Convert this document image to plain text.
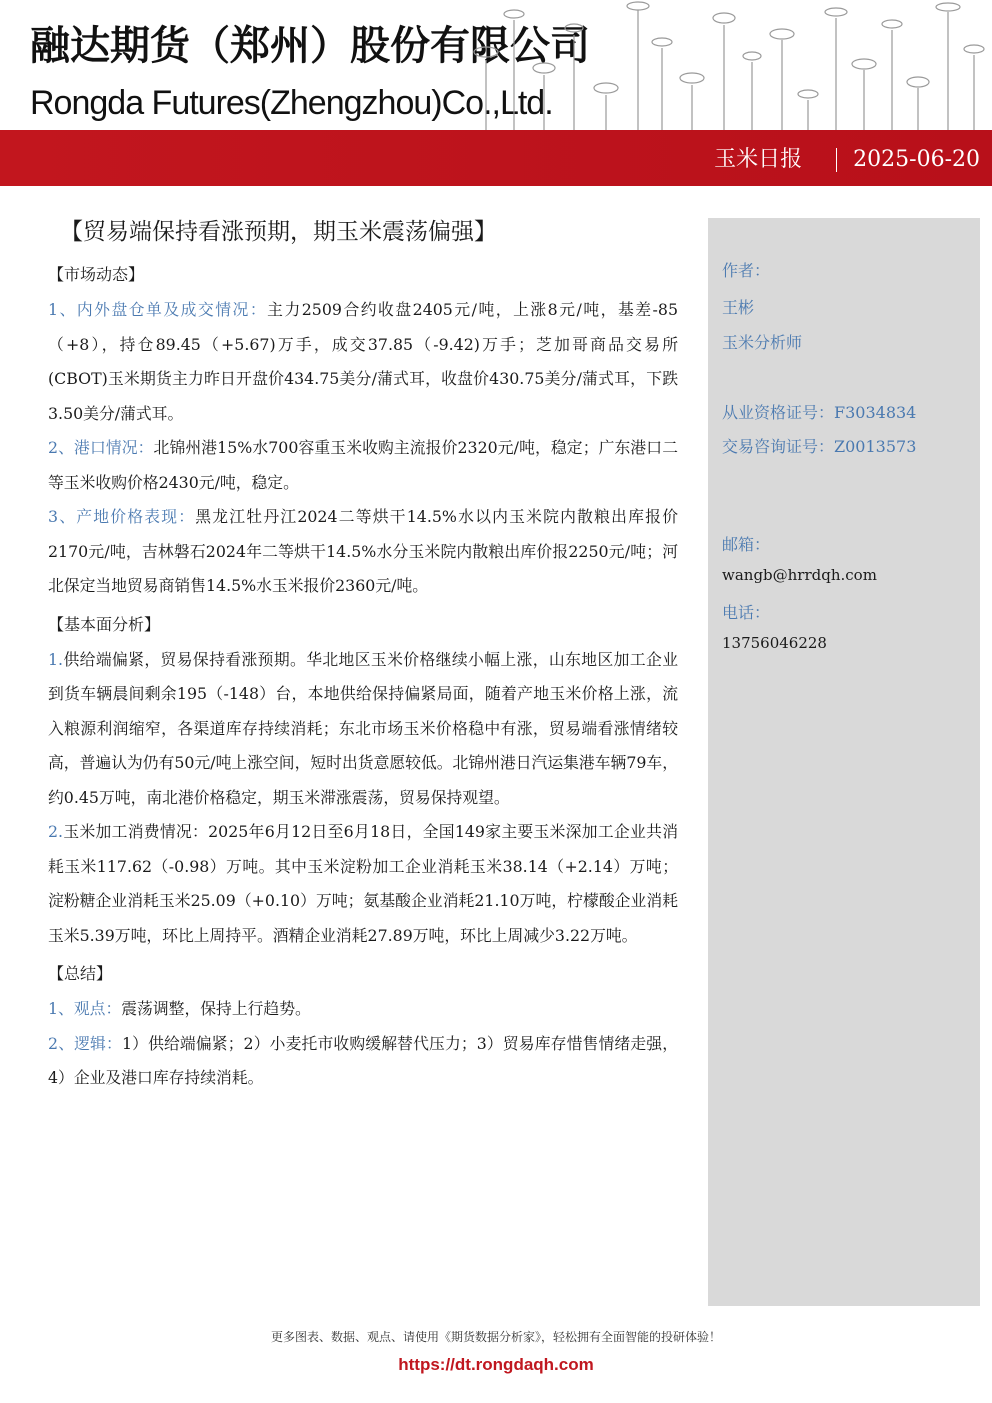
融达期货（郑州）股份有限公司
Rongda Futures(Zhengzhou)Co.,Ltd.
玉米日报 2025-06-20
【贸易端保持看涨预期，期玉米震荡偏强】
【市场动态】

1、内外盘仓单及成交情况：主力2509合约收盘2405元/吨，上涨8元/吨，基差-85（+8），持仓89.45（+5.67)万手，成交37.85（-9.42)万手；芝加哥商品交易所(CBOT)玉米期货主力昨日开盘价434.75美分/蒲式耳，收盘价430.75美分/蒲式耳，下跌3.50美分/蒲式耳。

2、港口情况：北锦州港15%水700容重玉米收购主流报价2320元/吨，稳定；广东港口二等玉米收购价格2430元/吨，稳定。

3、产地价格表现：黑龙江牡丹江2024二等烘干14.5%水以内玉米院内散粮出库报价2170元/吨，吉林磐石2024年二等烘干14.5%水分玉米院内散粮出库价报2250元/吨；河北保定当地贸易商销售14.5%水玉米报价2360元/吨。

【基本面分析】

1.供给端偏紧，贸易保持看涨预期。华北地区玉米价格继续小幅上涨，山东地区加工企业到货车辆晨间剩余195（-148）台，本地供给保持偏紧局面，随着产地玉米价格上涨，流入粮源利润缩窄，各渠道库存持续消耗；东北市场玉米价格稳中有涨，贸易端看涨情绪较高，普遍认为仍有50元/吨上涨空间，短时出货意愿较低。北锦州港日汽运集港车辆79车，约0.45万吨，南北港价格稳定，期玉米滞涨震荡，贸易保持观望。

2.玉米加工消费情况：2025年6月12日至6月18日，全国149家主要玉米深加工企业共消耗玉米117.62（-0.98）万吨。其中玉米淀粉加工企业消耗玉米38.14（+2.14）万吨；淀粉糖企业消耗玉米25.09（+0.10）万吨；氨基酸企业消耗21.10万吨，柠檬酸企业消耗玉米5.39万吨，环比上周持平。酒精企业消耗27.89万吨，环比上周减少3.22万吨。

【总结】

1、观点：震荡调整，保持上行趋势。

2、逻辑：1）供给端偏紧；2）小麦托市收购缓解替代压力；3）贸易库存惜售情绪走强，4）企业及港口库存持续消耗。

作者：
王彬
玉米分析师
从业资格证号：F3034834
交易咨询证号：Z0013573
邮箱：
wangb@hrrdqh.com
电话：
13756046228
更多图表、数据、观点、请使用《期货数据分析家》，轻松拥有全面智能的投研体验！
https://dt.rongdaqh.com
